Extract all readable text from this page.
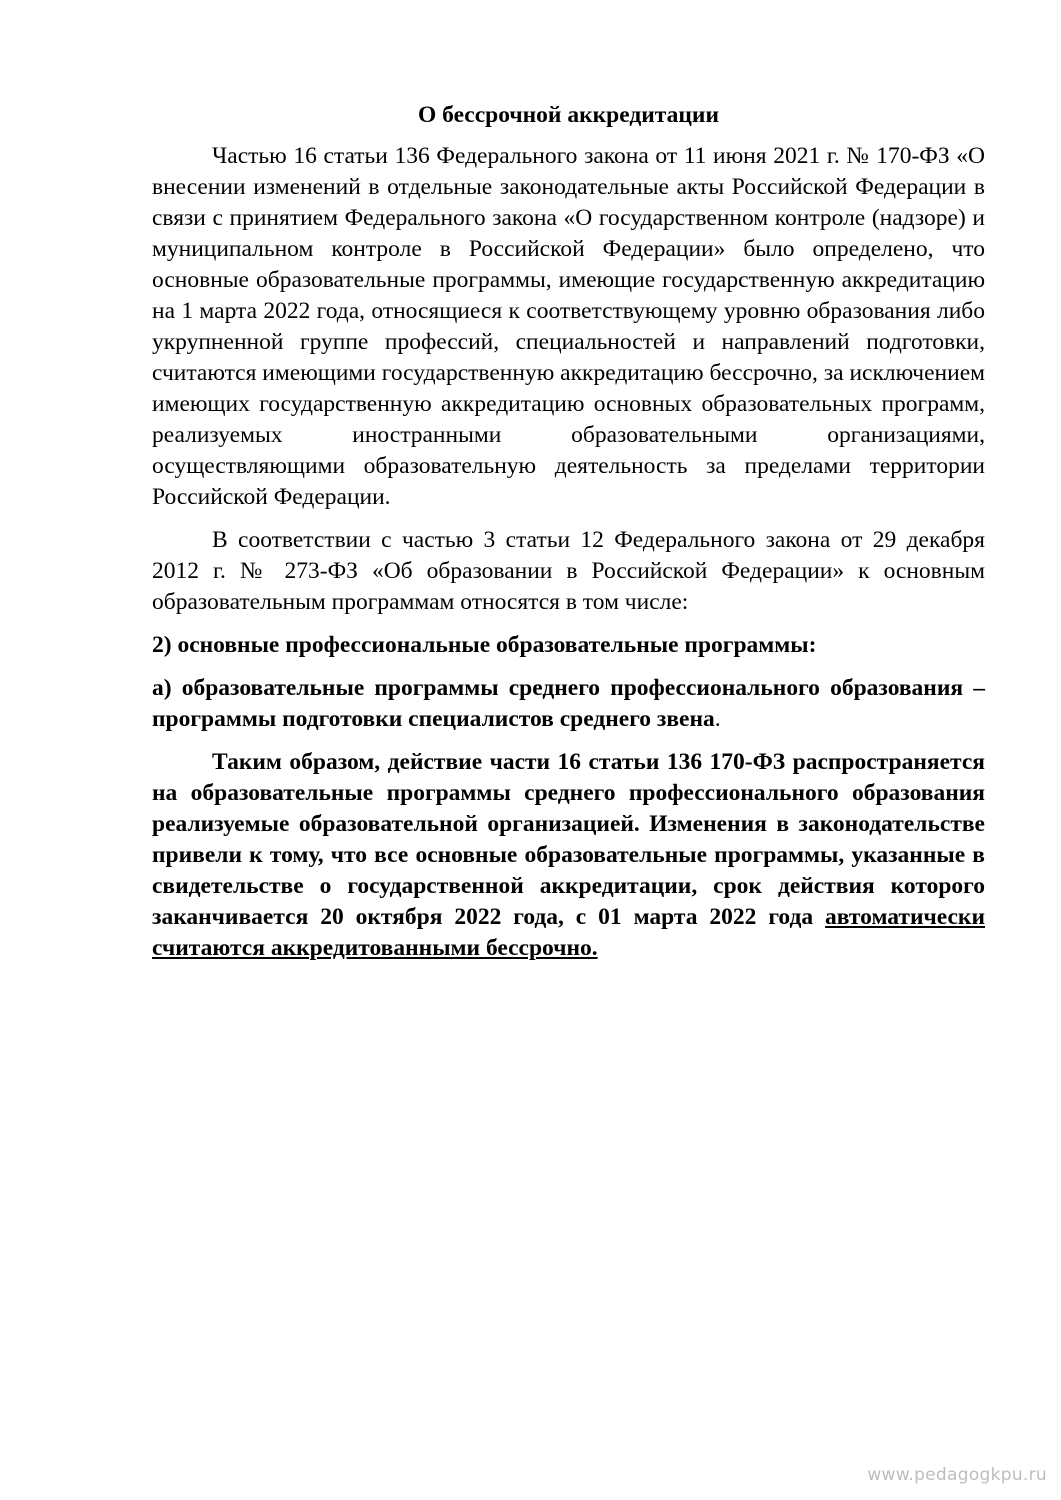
О бессрочной аккредитации

Частью 16 статьи 136 Федерального закона от 11 июня 2021 г. № 170-ФЗ «О внесении изменений в отдельные законодательные акты Российской Федерации в связи с принятием Федерального закона «О государственном контроле (надзоре) и муниципальном контроле в Российской Федерации» было определено, что основные образовательные программы, имеющие государственную аккредитацию на 1 марта 2022 года, относящиеся к соответствующему уровню образования либо укрупненной группе профессий, специальностей и направлений подготовки, считаются имеющими государственную аккредитацию бессрочно, за исключением имеющих государственную аккредитацию основных образовательных программ, реализуемых иностранными образовательными организациями, осуществляющими образовательную деятельность за пределами территории Российской Федерации.

В соответствии с частью 3 статьи 12 Федерального закона от 29 декабря 2012 г. № 273-ФЗ «Об образовании в Российской Федерации» к основным образовательным программам относятся в том числе:

2) основные профессиональные образовательные программы:

а) образовательные программы среднего профессионального образования – программы подготовки специалистов среднего звена.

Таким образом, действие части 16 статьи 136 170-ФЗ распространяется на образовательные программы среднего профессионального образования реализуемые образовательной организацией. Изменения в законодательстве привели к тому, что все основные образовательные программы, указанные в свидетельстве о государственной аккредитации, срок действия которого заканчивается 20 октября 2022 года, с 01 марта 2022 года автоматически считаются аккредитованными бессрочно.

www.pedagogkpu.ru
